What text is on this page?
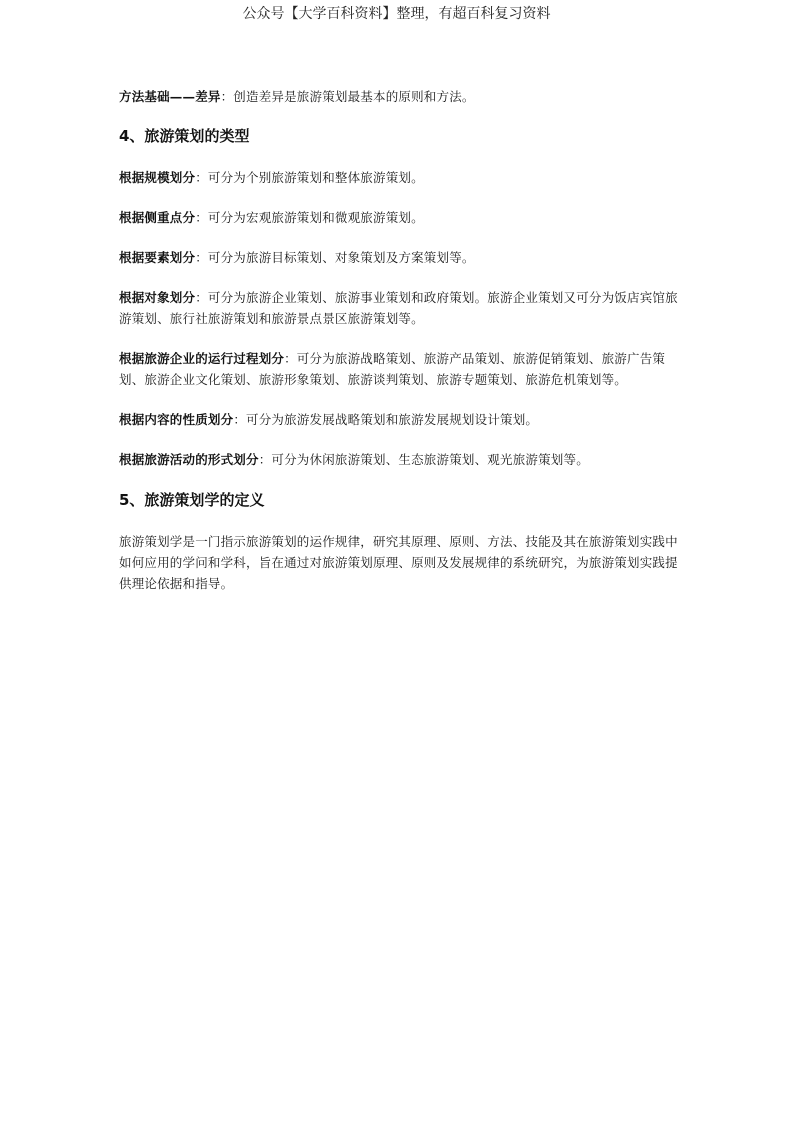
公众号【大学百科资料】整理，有超百科复习资料

方法基础——差异：创造差异是旅游策划最基本的原则和方法。

4、旅游策划的类型

根据规模划分：可分为个别旅游策划和整体旅游策划。

根据侧重点分：可分为宏观旅游策划和微观旅游策划。

根据要素划分：可分为旅游目标策划、对象策划及方案策划等。

根据对象划分：可分为旅游企业策划、旅游事业策划和政府策划。旅游企业策划又可分为饭店宾馆旅游策划、旅行社旅游策划和旅游景点景区旅游策划等。

根据旅游企业的运行过程划分：可分为旅游战略策划、旅游产品策划、旅游促销策划、旅游广告策划、旅游企业文化策划、旅游形象策划、旅游谈判策划、旅游专题策划、旅游危机策划等。

根据内容的性质划分：可分为旅游发展战略策划和旅游发展规划设计策划。

根据旅游活动的形式划分：可分为休闲旅游策划、生态旅游策划、观光旅游策划等。

5、旅游策划学的定义

旅游策划学是一门指示旅游策划的运作规律，研究其原理、原则、方法、技能及其在旅游策划实践中如何应用的学问和学科，旨在通过对旅游策划原理、原则及发展规律的系统研究，为旅游策划实践提供理论依据和指导。
